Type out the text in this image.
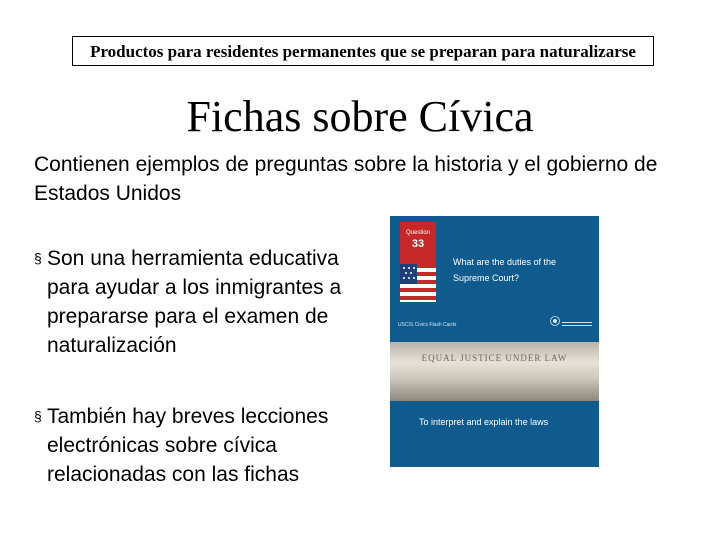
Productos para residentes permanentes que se preparan para naturalizarse
Fichas sobre Cívica
Contienen ejemplos de preguntas sobre la historia y el gobierno de Estados Unidos
§ Son una herramienta educativa para ayudar a los inmigrantes a prepararse para el examen de naturalización
§ También hay breves lecciones electrónicas sobre cívica relacionadas con las fichas
Question
33
What are the duties of the Supreme Court?
USCIS Civics Flash Cards
EQUAL JUSTICE UNDER LAW
To interpret and explain the laws
